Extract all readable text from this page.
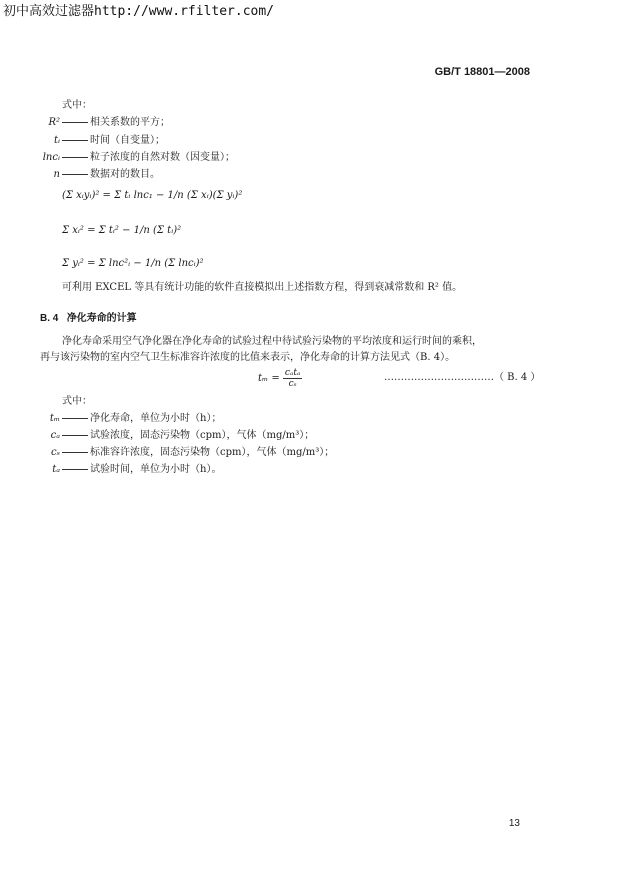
初中高效过滤器http://www.rfilter.com/
GB/T 18801—2008
式中：
R²	相关系数的平方；
tᵢ	时间（自变量）；
lncᵢ	粒子浓度的自然对数（因变量）；
n	数据对的数目。
(Σ xᵢyᵢ)² = Σ tᵢ lnc₁ − 1/n (Σ xᵢ)(Σ yᵢ)²
Σ xᵢ² = Σ tᵢ² − 1/n (Σ tᵢ)²
Σ yᵢ² = Σ lnc²ᵢ − 1/n (Σ lncᵢ)²
可利用 EXCEL 等具有统计功能的软件直接模拟出上述指数方程，得到衰减常数和 R² 值。
B. 4 净化寿命的计算
净化寿命采用空气净化器在净化寿命的试验过程中待试验污染物的平均浓度和运行时间的乘积，
再与该污染物的室内空气卫生标准容许浓度的比值来表示，净化寿命的计算方法见式（B. 4）。
$t_m = \frac{\text{cₐtₐ}}{\text{cₛ}}$	……………………………（ B. 4 ）
式中：
tₘ	净化寿命，单位为小时（h）；
cₐ	试验浓度，固态污染物（cpm），气体（mg/m³）；
cₛ	标准容许浓度，固态污染物（cpm），气体（mg/m³）；
tₐ	试验时间，单位为小时（h）。
13
